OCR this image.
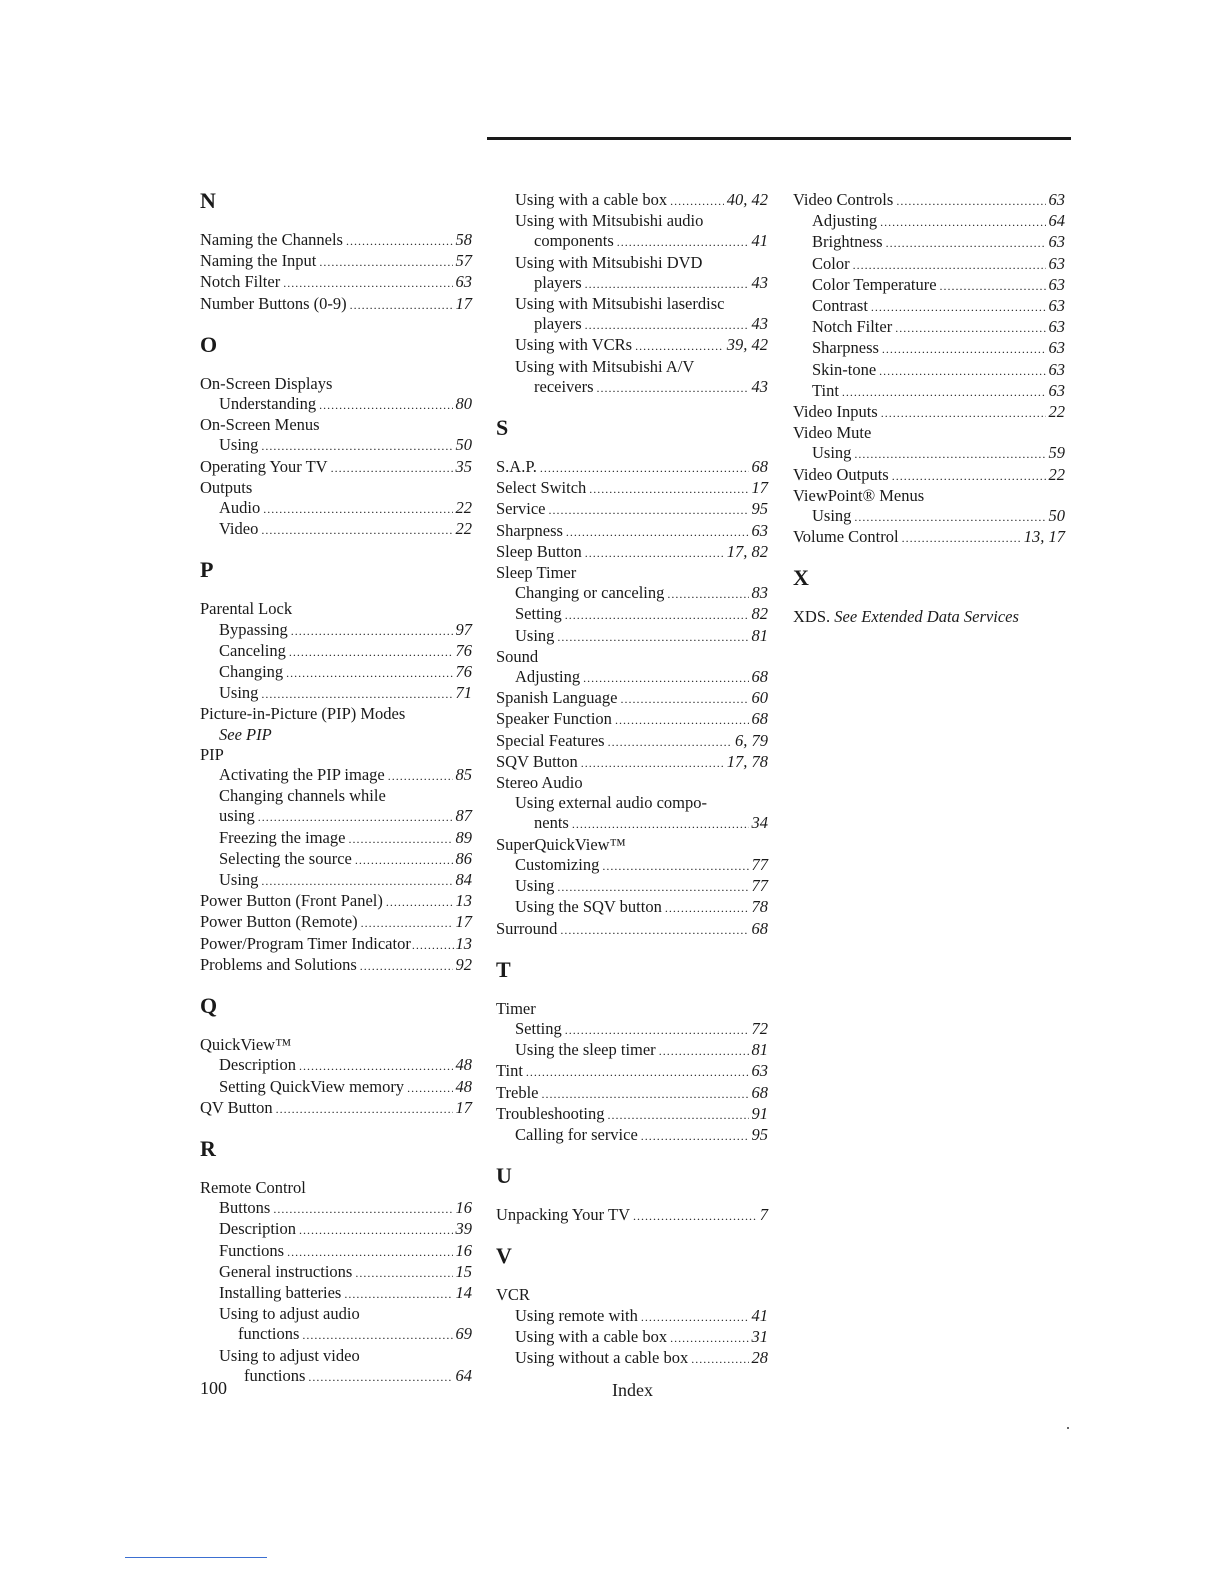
N
Naming the Channels .....	58
Naming the Input .....	57
Notch Filter .....	63
Number Buttons (0-9) .....	17
O
On-Screen Displays
Understanding .....	80
On-Screen Menus
Using .....	50
Operating Your TV .....	35
Outputs
Audio .....	22
Video .....	22
P
Parental Lock
Bypassing .....	97
Canceling .....	76
Changing .....	76
Using .....	71
Picture-in-Picture (PIP) Modes
See PIP
PIP
Activating the PIP image .....	85
Changing channels while
using .....	87
Freezing the image .....	89
Selecting the source .....	86
Using .....	84
Power Button (Front Panel) .....	13
Power Button (Remote) .....	17
Power/Program Timer Indicator .....	13
Problems and Solutions .....	92
Q
QuickView™
Description .....	48
Setting QuickView memory .....	48
QV Button .....	17
R
Remote Control
Buttons .....	16
Description .....	39
Functions .....	16
General instructions .....	15
Installing batteries .....	14
Using to adjust audio
functions .....	69
Using to adjust video
functions .....	64
Using with a cable box .....	40, 42
Using with Mitsubishi audio
components .....	41
Using with Mitsubishi DVD
players .....	43
Using with Mitsubishi laserdisc
players .....	43
Using with VCRs .....	39, 42
Using with Mitsubishi A/V
receivers .....	43
S
S.A.P. .....	68
Select Switch .....	17
Service .....	95
Sharpness .....	63
Sleep Button .....	17, 82
Sleep Timer
Changing or canceling .....	83
Setting .....	82
Using .....	81
Sound
Adjusting .....	68
Spanish Language .....	60
Speaker Function .....	68
Special Features .....	6, 79
SQV Button .....	17, 78
Stereo Audio
Using external audio compo-
nents .....	34
SuperQuickView™
Customizing .....	77
Using .....	77
Using the SQV button .....	78
Surround .....	68
T
Timer
Setting .....	72
Using the sleep timer .....	81
Tint .....	63
Treble .....	68
Troubleshooting .....	91
Calling for service .....	95
U
Unpacking Your TV .....	7
V
VCR
Using remote with .....	41
Using with a cable box .....	31
Using without a cable box .....	28
Video Controls .....	63
Adjusting .....	64
Brightness .....	63
Color .....	63
Color Temperature .....	63
Contrast .....	63
Notch Filter .....	63
Sharpness .....	63
Skin-tone .....	63
Tint .....	63
Video Inputs .....	22
Video Mute
Using .....	59
Video Outputs .....	22
ViewPoint® Menus
Using .....	50
Volume Control .....	13, 17
X
XDS. See Extended Data Services
100	Index
